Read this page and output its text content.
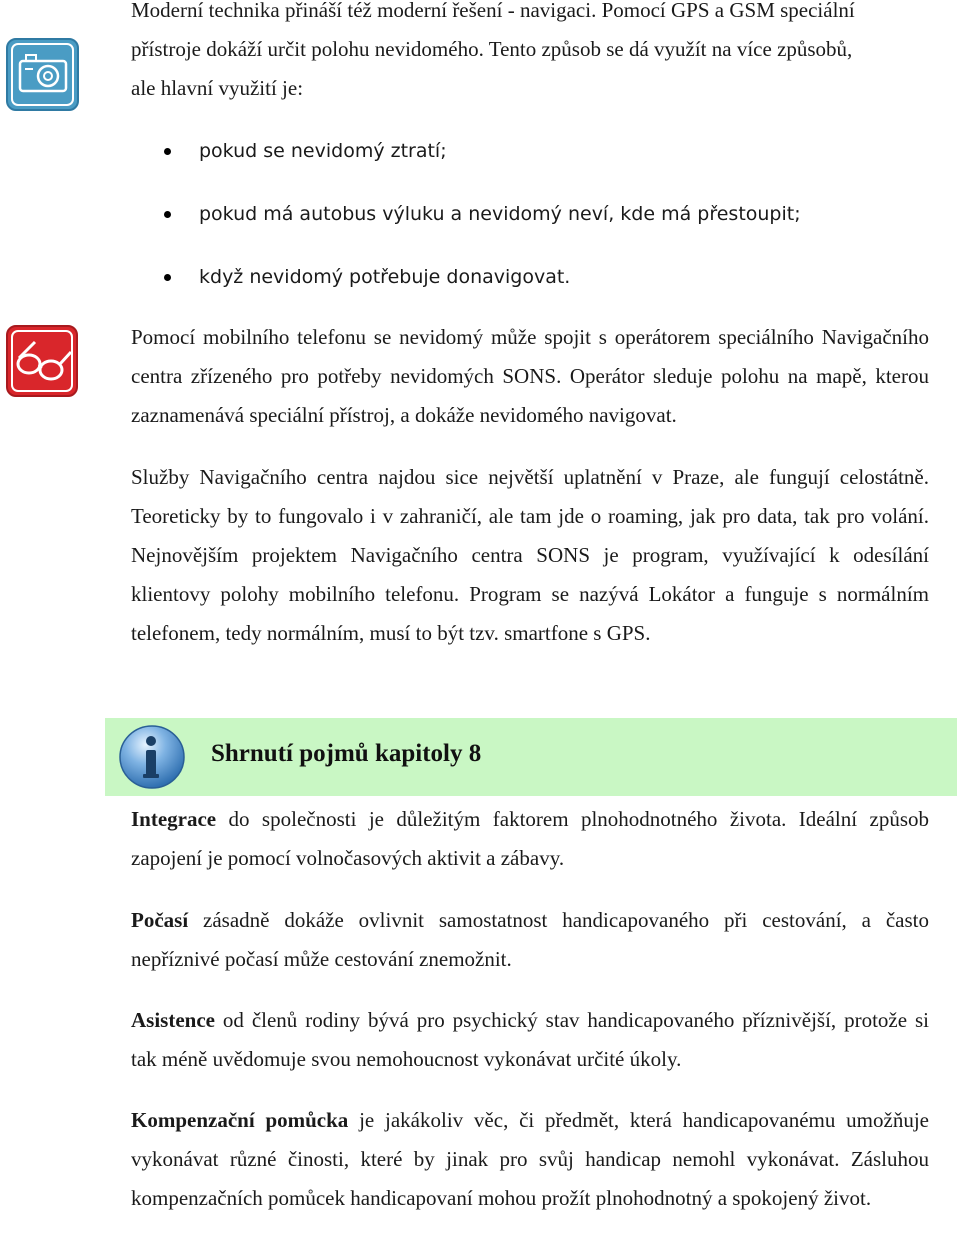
Moderní technika přináší též moderní řešení - navigaci. Pomocí GPS a GSM speciální
přístroje dokáží určit polohu nevidomého. Tento způsob se dá využít na více způsobů,
ale hlavní využití je:
pokud se nevidomý ztratí;
pokud má autobus výluku a nevidomý neví, kde má přestoupit;
když nevidomý potřebuje donavigovat.

Pomocí mobilního telefonu se nevidomý může spojit s operátorem speciálního Navigačního centra zřízeného pro potřeby nevidomých SONS. Operátor sleduje polohu na mapě, kterou zaznamenává speciální přístroj, a dokáže nevidomého navigovat.

Služby Navigačního centra najdou sice největší uplatnění v Praze, ale fungují celostátně. Teoreticky by to fungovalo i v zahraničí, ale tam jde o roaming, jak pro data, tak pro volání. Nejnovějším projektem Navigačního centra SONS je program, využívající k odesílání klientovy polohy mobilního telefonu. Program se nazývá Lokátor a funguje s normálním telefonem, tedy normálním, musí to být tzv. smartfone s GPS.

Shrnutí pojmů kapitoly 8

Integrace do společnosti je důležitým faktorem plnohodnotného života. Ideální způsob zapojení je pomocí volnočasových aktivit a zábavy.

Počasí zásadně dokáže ovlivnit samostatnost handicapovaného při cestování, a často nepříznivé počasí může cestování znemožnit.

Asistence od členů rodiny bývá pro psychický stav handicapovaného příznivější, protože si tak méně uvědomuje svou nemohoucnost vykonávat určité úkoly.

Kompenzační pomůcka je jakákoliv věc, či předmět, která handicapovanému umožňuje vykonávat různé činosti, které by jinak pro svůj handicap nemohl vykonávat. Zásluhou kompenzačních pomůcek handicapovaní mohou prožít plnohodnotný a spokojený život.
